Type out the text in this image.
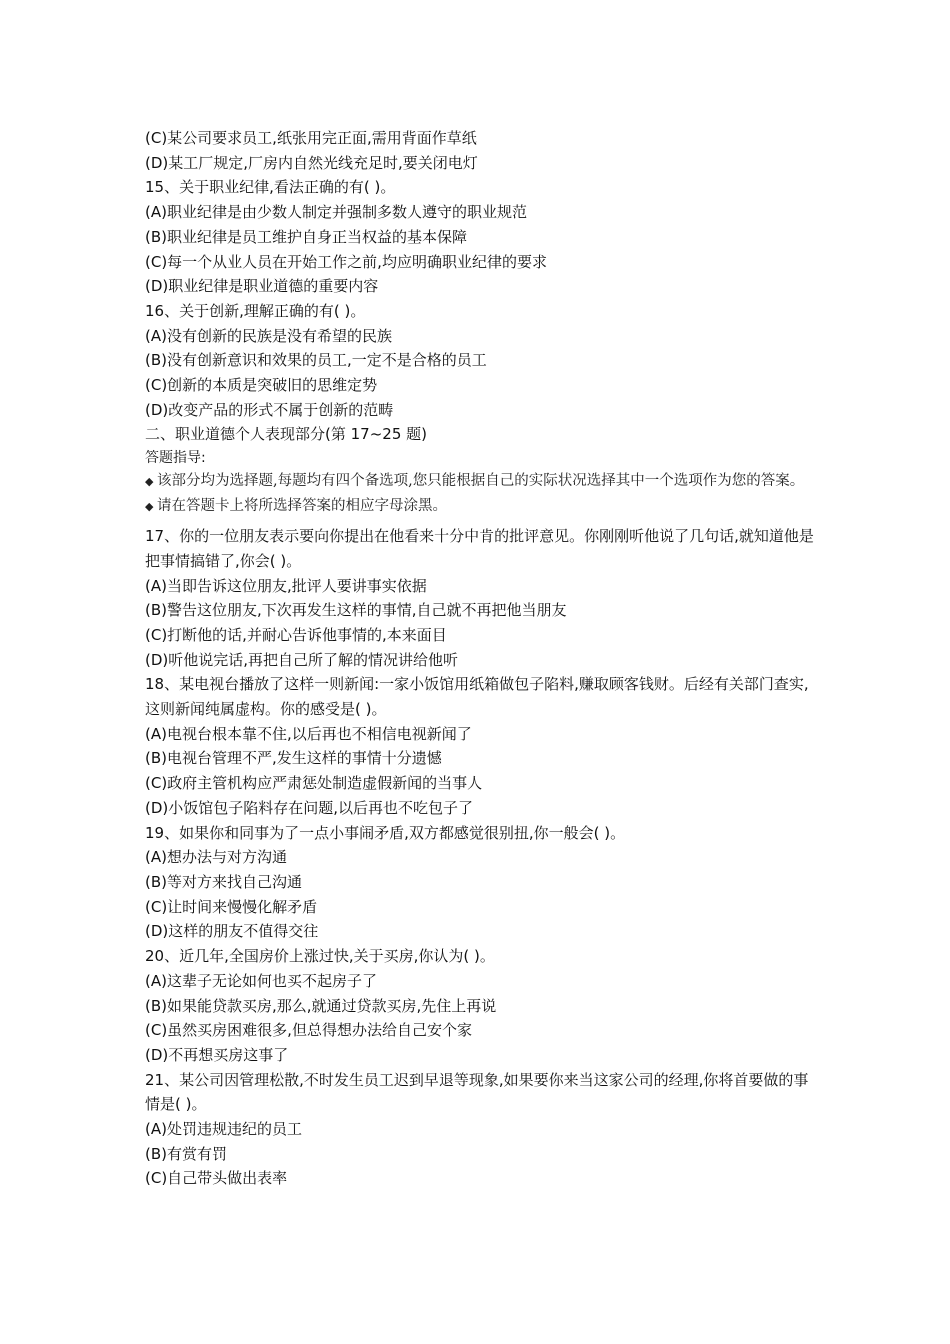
(C)某公司要求员工,纸张用完正面,需用背面作草纸
(D)某工厂规定,厂房内自然光线充足时,要关闭电灯
15、关于职业纪律,看法正确的有( )。
(A)职业纪律是由少数人制定并强制多数人遵守的职业规范
(B)职业纪律是员工维护自身正当权益的基本保障
(C)每一个从业人员在开始工作之前,均应明确职业纪律的要求
(D)职业纪律是职业道德的重要内容
16、关于创新,理解正确的有( )。
(A)没有创新的民族是没有希望的民族
(B)没有创新意识和效果的员工,一定不是合格的员工
(C)创新的本质是突破旧的思维定势
(D)改变产品的形式不属于创新的范畴
二、职业道德个人表现部分(第 17~25 题)
答题指导:
◆ 该部分均为选择题,每题均有四个备选项,您只能根据自己的实际状况选择其中一个选项作为您的答案。
◆ 请在答题卡上将所选择答案的相应字母涂黑。
17、你的一位朋友表示要向你提出在他看来十分中肯的批评意见。你刚刚听他说了几句话,就知道他是把事情搞错了,你会( )。
(A)当即告诉这位朋友,批评人要讲事实依据
(B)警告这位朋友,下次再发生这样的事情,自己就不再把他当朋友
(C)打断他的话,并耐心告诉他事情的,本来面目
(D)听他说完话,再把自己所了解的情况讲给他听
18、某电视台播放了这样一则新闻:一家小饭馆用纸箱做包子陷料,赚取顾客钱财。后经有关部门查实,这则新闻纯属虚构。你的感受是( )。
(A)电视台根本靠不住,以后再也不相信电视新闻了
(B)电视台管理不严,发生这样的事情十分遗憾
(C)政府主管机构应严肃惩处制造虚假新闻的当事人
(D)小饭馆包子陷料存在问题,以后再也不吃包子了
19、如果你和同事为了一点小事闹矛盾,双方都感觉很别扭,你一般会( )。
(A)想办法与对方沟通
(B)等对方来找自己沟通
(C)让时间来慢慢化解矛盾
(D)这样的朋友不值得交往
20、近几年,全国房价上涨过快,关于买房,你认为( )。
(A)这辈子无论如何也买不起房子了
(B)如果能贷款买房,那么,就通过贷款买房,先住上再说
(C)虽然买房困难很多,但总得想办法给自己安个家
(D)不再想买房这事了
21、某公司因管理松散,不时发生员工迟到早退等现象,如果要你来当这家公司的经理,你将首要做的事情是( )。
(A)处罚违规违纪的员工
(B)有赏有罚
(C)自己带头做出表率
